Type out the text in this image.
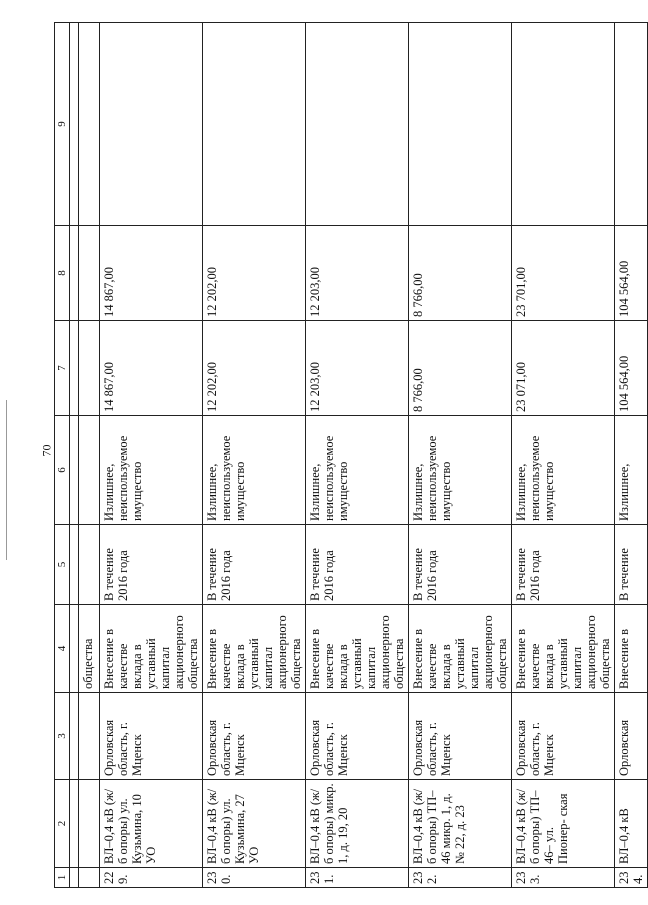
70
1	2	3	4	5	6	7	8	9

			общества					
229.	ВЛ–0,4 кВ (ж/б опоры) ул. Кузьмина, 10 УО	Орловская область, г. Мценск	Внесение в качестве вклада в уставный капитал акционерного общества	В течение 2016 года	Излишнее, неиспользуемое имущество	14 867,00	14 867,00	
230.	ВЛ–0,4 кВ (ж/б опоры) ул. Кузьмина, 27 УО	Орловская область, г. Мценск	Внесение в качестве вклада в уставный капитал акционерного общества	В течение 2016 года	Излишнее, неиспользуемое имущество	12 202,00	12 202,00	
231.	ВЛ–0,4 кВ (ж/б опоры) микр. 1, д. 19, 20	Орловская область, г. Мценск	Внесение в качестве вклада в уставный капитал акционерного общества	В течение 2016 года	Излишнее, неиспользуемое имущество	12 203,00	12 203,00	
232.	ВЛ–0,4 кВ (ж/б опоры) ТП–46 микр. 1, д. № 22, д. 23	Орловская область, г. Мценск	Внесение в качестве вклада в уставный капитал акционерного общества	В течение 2016 года	Излишнее, неиспользуемое имущество	8 766,00	8 766,00	
233.	ВЛ–0,4 кВ (ж/б опоры) ТП–46– ул. Пионер- ская	Орловская область, г. Мценск	Внесение в качестве вклада в уставный капитал акционерного общества	В течение 2016 года	Излишнее, неиспользуемое имущество	23 071,00	23 701,00	
234.	ВЛ–0,4 кВ	Орловская	Внесение в	В течение	Излишнее,	104 564,00	104 564,00	
